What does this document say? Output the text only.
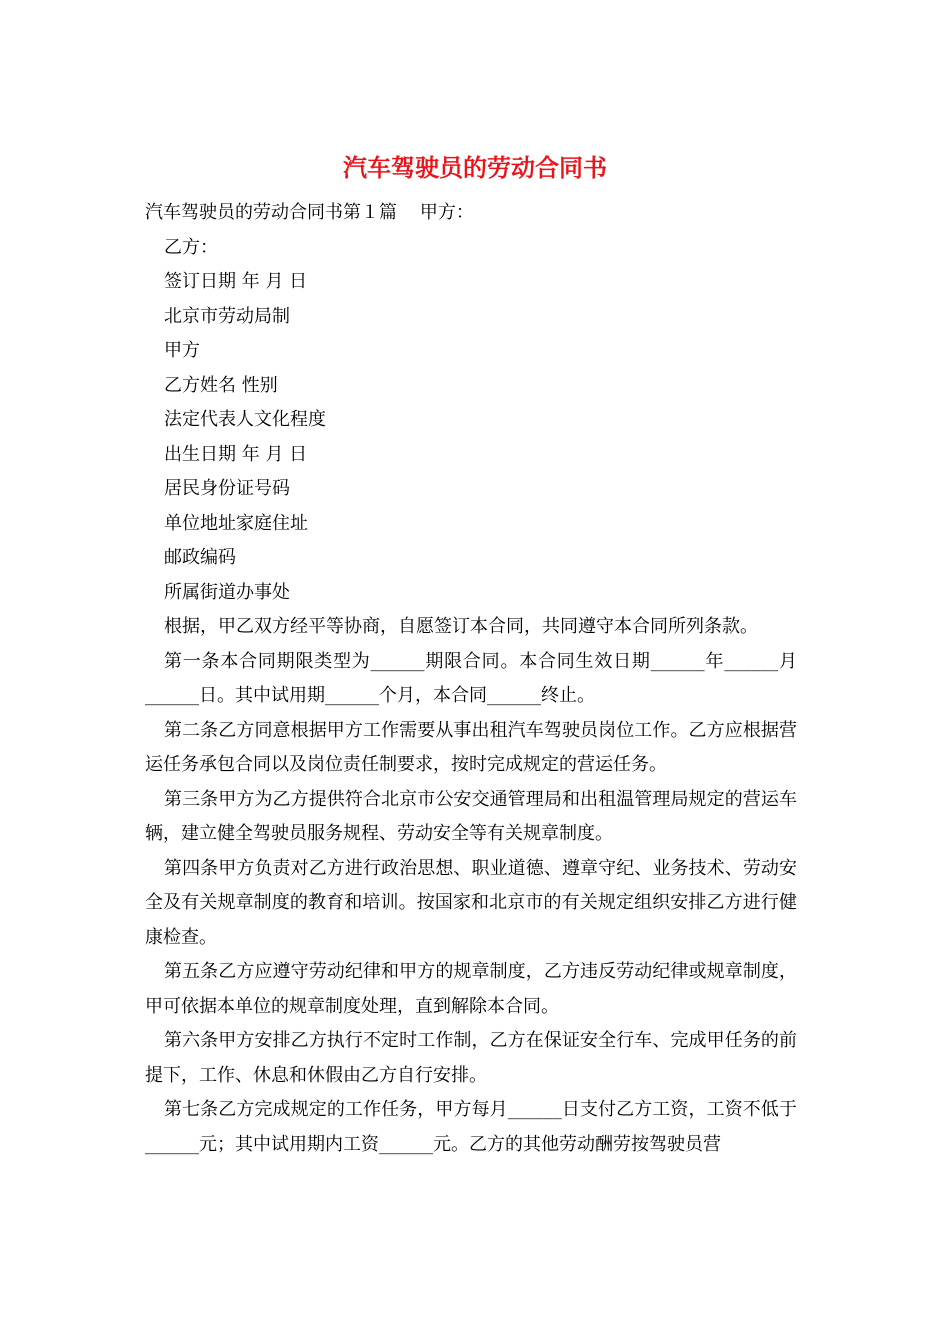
汽车驾驶员的劳动合同书

汽车驾驶员的劳动合同书第１篇    甲方：

乙方：

签订日期 年 月 日

北京市劳动局制

甲方

乙方姓名 性别

法定代表人文化程度

出生日期 年 月 日

居民身份证号码

单位地址家庭住址

邮政编码

所属街道办事处

根据，甲乙双方经平等协商，自愿签订本合同，共同遵守本合同所列条款。

第一条本合同期限类型为______期限合同。本合同生效日期______年______月______日。其中试用期______个月，本合同______终止。

第二条乙方同意根据甲方工作需要从事出租汽车驾驶员岗位工作。乙方应根据营运任务承包合同以及岗位责任制要求，按时完成规定的营运任务。

第三条甲方为乙方提供符合北京市公安交通管理局和出租温管理局规定的营运车辆，建立健全驾驶员服务规程、劳动安全等有关规章制度。

第四条甲方负责对乙方进行政治思想、职业道德、遵章守纪、业务技术、劳动安全及有关规章制度的教育和培训。按国家和北京市的有关规定组织安排乙方进行健康检查。

第五条乙方应遵守劳动纪律和甲方的规章制度，乙方违反劳动纪律或规章制度，甲可依据本单位的规章制度处理，直到解除本合同。

第六条甲方安排乙方执行不定时工作制，乙方在保证安全行车、完成甲任务的前提下，工作、休息和休假由乙方自行安排。

第七条乙方完成规定的工作任务，甲方每月______日支付乙方工资，工资不低于______元；其中试用期内工资______元。乙方的其他劳动酬劳按驾驶员营
